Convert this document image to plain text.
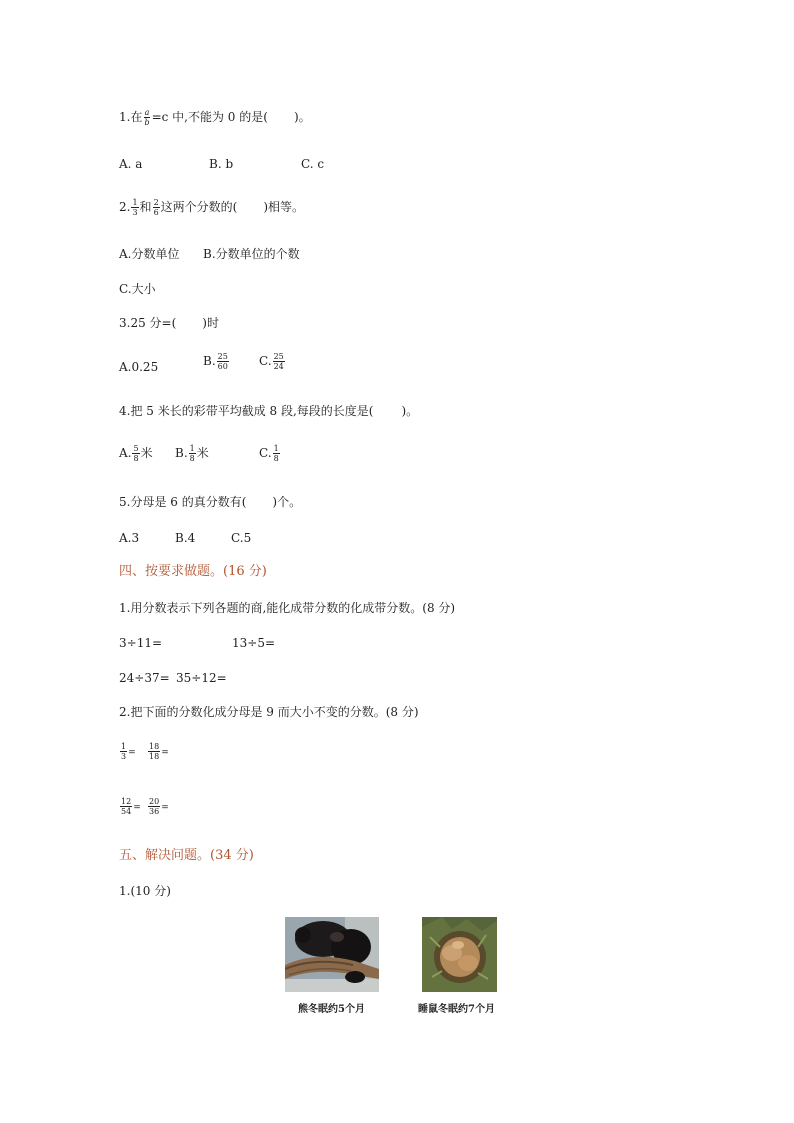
1.在 $\frac{a}{b} =c$ 中,不能为 0 的是( )。
A. a	B. b	C. c
2. $\frac{1}{3}$ 和 $\frac{2}{6}$ 这两个分数的( )相等。
A.分数单位 B.分数单位的个数
C.大小
3.25 分=( )时
A.0.25	B. $\frac{25}{60}$	C. $\frac{25}{24}$
4.把 5 米长的彩带平均截成 8 段,每段的长度是( )。
A. $\frac{5}{8}$ 米 B. $\frac{1}{8}$ 米	C. $\frac{1}{8}$
5.分母是 6 的真分数有( )个。
A.3	B.4	C.5
四、按要求做题。(16 分)
1.用分数表示下列各题的商,能化成带分数的化成带分数。(8 分)
3÷11=	13÷5=
24÷37= 35÷12=
2.把下面的分数化成分母是 9 而大小不变的分数。(8 分)
$\frac{1}{3} = \frac{18}{18}$ =
$\frac{12}{54} = \frac{20}{36}$ =
五、解决问题。(34 分)
1.(10 分)
熊冬眠约5个月	睡鼠冬眠约7个月
